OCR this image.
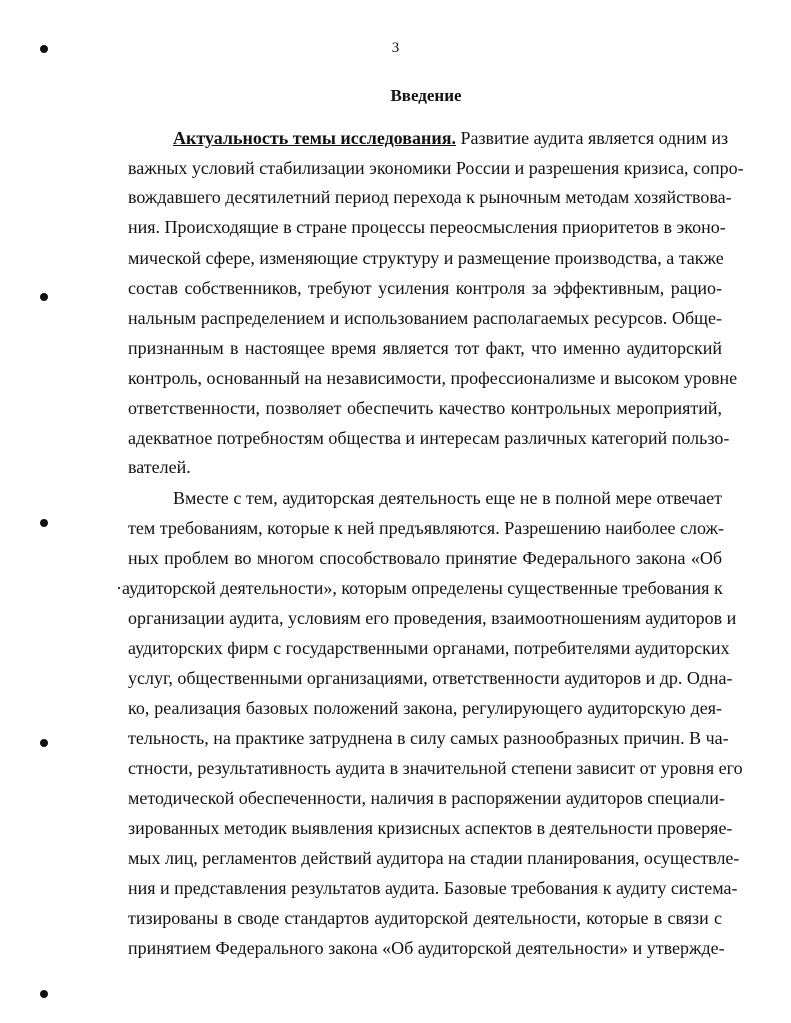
3
Введение
Актуальность темы исследования. Развитие аудита является одним из
важных условий стабилизации экономики России и разрешения кризиса, сопро-
вождавшего десятилетний период перехода к рыночным методам хозяйствова-
ния. Происходящие в стране процессы переосмысления приоритетов в эконо-
мической сфере, изменяющие структуру и размещение производства, а также
состав собственников, требуют усиления контроля за эффективным, рацио-
нальным распределением и использованием располагаемых ресурсов. Обще-
признанным в настоящее время является тот факт, что именно аудиторский
контроль, основанный на независимости, профессионализме и высоком уровне
ответственности, позволяет обеспечить качество контрольных мероприятий,
адекватное потребностям общества и интересам различных категорий пользо-
вателей.
Вместе с тем, аудиторская деятельность еще не в полной мере отвечает
тем требованиям, которые к ней предъявляются. Разрешению наиболее слож-
ных проблем во многом способствовало принятие Федерального закона «Об
·аудиторской деятельности», которым определены существенные требования к
организации аудита, условиям его проведения, взаимоотношениям аудиторов и
аудиторских фирм с государственными органами, потребителями аудиторских
услуг, общественными организациями, ответственности аудиторов и др. Одна-
ко, реализация базовых положений закона, регулирующего аудиторскую дея-
тельность, на практике затруднена в силу самых разнообразных причин. В ча-
стности, результативность аудита в значительной степени зависит от уровня его
методической обеспеченности, наличия в распоряжении аудиторов специали-
зированных методик выявления кризисных аспектов в деятельности проверяе-
мых лиц, регламентов действий аудитора на стадии планирования, осуществле-
ния и представления результатов аудита. Базовые требования к аудиту система-
тизированы в своде стандартов аудиторской деятельности, которые в связи с
принятием Федерального закона «Об аудиторской деятельности» и утвержде-
